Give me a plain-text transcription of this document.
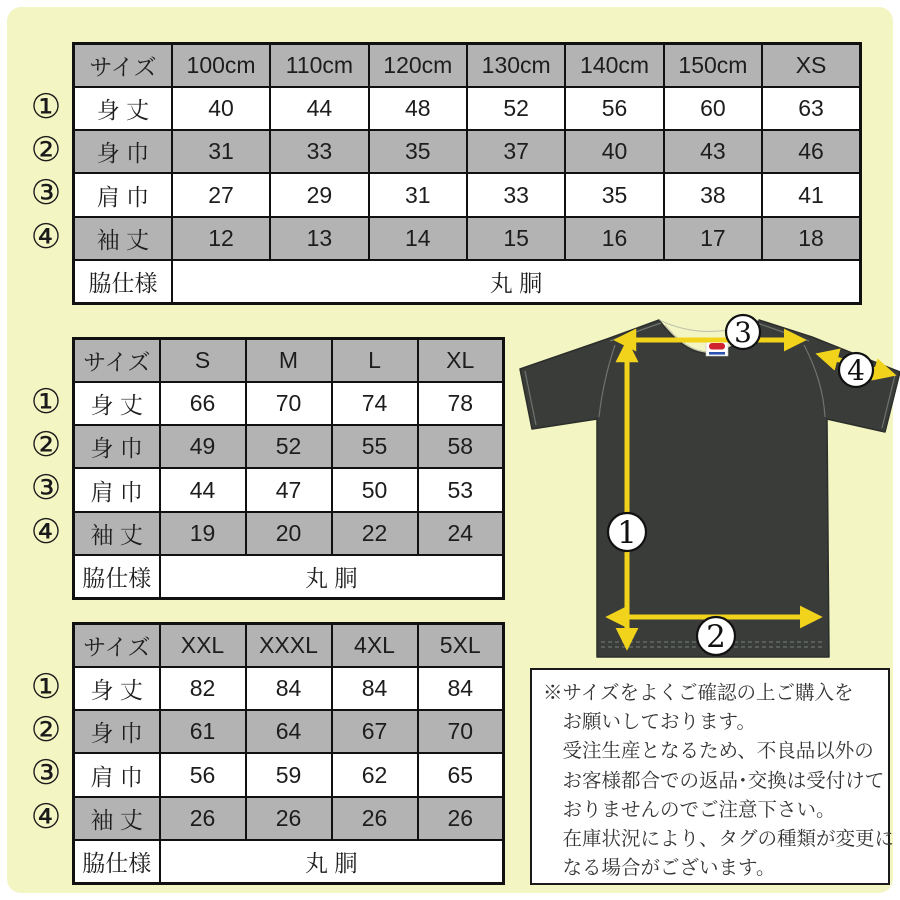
サイズ	100cm	110cm	120cm	130cm	140cm	150cm	XS
身 丈	40	44	48	52	56	60	63
身 巾	31	33	35	37	40	43	46
肩 巾	27	29	31	33	35	38	41
袖 丈	12	13	14	15	16	17	18
脇仕様	丸 胴						
①
②
③
④
サイズ	S	M	L	XL
身 丈	66	70	74	78
身 巾	49	52	55	58
肩 巾	44	47	50	53
袖 丈	19	20	22	24
脇仕様	丸 胴			
①
②
③
④
サイズ	XXL	XXXL	4XL	5XL
身 丈	82	84	84	84
身 巾	61	64	67	70
肩 巾	56	59	62	65
袖 丈	26	26	26	26
脇仕様	丸 胴			
①
②
③
④
3
4
1
2
※サイズをよくご確認の上ご購入を
お願いしております。
受注生産となるため、不良品以外の
お客様都合での返品･交換は受付けて
おりませんのでご注意下さい。
在庫状況により、タグの種類が変更に
なる場合がございます。
